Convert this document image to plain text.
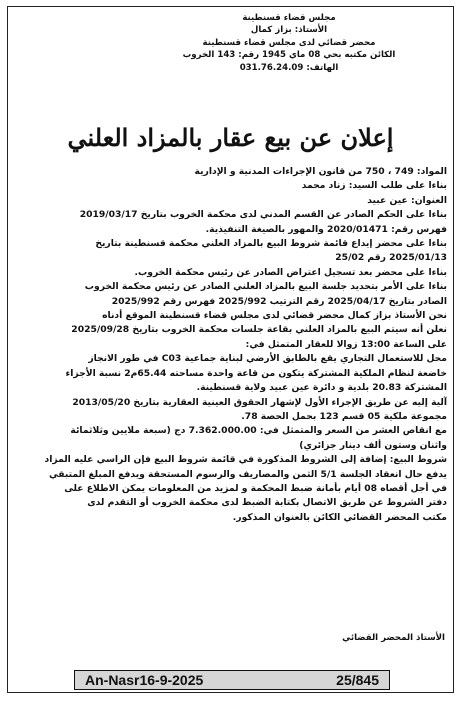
مجلس قضاء قسنطينة
الأستاذ: بزاز كمال
محضر قضائي لدى مجلس قضاء قسنطينة
الكائن مكتبه بحي 08 ماي 1945 رقم: 143 الخروب
الهاتف: 031.76.24.09
إعلان عن بيع عقار بالمزاد العلني
المواد: 749 ، 750 من قانون الإجراءات المدنية و الإدارية
بناءا على طلب السيد: زناد محمد
العنوان: عين عبيد
بناءا على الحكم الصادر عن القسم المدني لدى محكمة الخروب بتاريخ 2019/03/17
فهرس رقم: 2020/01471 والمهور بالصيغة التنفيذية.
بناءا على محضر إيداع قائمة شروط البيع بالمزاد العلني محكمة قسنطينة بتاريخ
2025/01/13 رقم 25/02
بناءا على محضر بعد تسجيل اعتراض الصادر عن رئيس محكمة الخروب.
بناءا على الأمر بتحديد جلسة البيع بالمزاد العلني الصادر عن رئيس محكمة الخروب
الصادر بتاريخ 2025/04/17 رقم الترتيب 2025/992 فهرس رقم 2025/992
نحن الأستاذ بزاز كمال محضر قضائي لدى مجلس قضاء قسنطينة الموقع أدناه
نعلن أنه سيتم البيع بالمزاد العلني بقاعة جلسات محكمة الخروب بتاريخ 2025/09/28
على الساعة 13:00 زوالا للعقار المتمثل في:
محل للاستعمال التجاري يقع بالطابق الأرضي لبناية جماعية C03 في طور الانجاز
خاضعة لنظام الملكية المشتركة يتكون من قاعة واحدة مساحته 65.44م2 نسبة الأجزاء
المشتركة 20.83 بلدية و دائرة عين عبيد ولاية قسنطينة.
آلية إليه عن طريق الإجراء الأول لإشهار الحقوق العينية العقارية بتاريخ 2013/05/20
مجموعة ملكية 05 قسم 123 بحمل الحصة 78.
مع انقاص العشر من السعر والمتمثل في: 7.362.000.00 دج (سبعة ملايين وثلاثمائة
واثنان وستون ألف دينار جزائري)
شروط البيع: إضافة إلى الشروط المذكورة في قائمة شروط البيع فإن الراسي عليه المزاد
يدفع حال انعقاد الجلسة 5/1 الثمن والمصاريف والرسوم المستحقة ويدفع المبلغ المتبقي
في أجل أقصاه 08 أيام بأمانة ضبط المحكمة و لمزيد من المعلومات يمكن الاطلاع على
دفتر الشروط عن طريق الاتصال بكتابة الضبط لدى محكمة الخروب أو التقدم لدى
مكتب المحضر القضائي الكائن بالعنوان المذكور.
الأستاذ المحضر القضائي
An-Nasr16-9-2025	25/845
